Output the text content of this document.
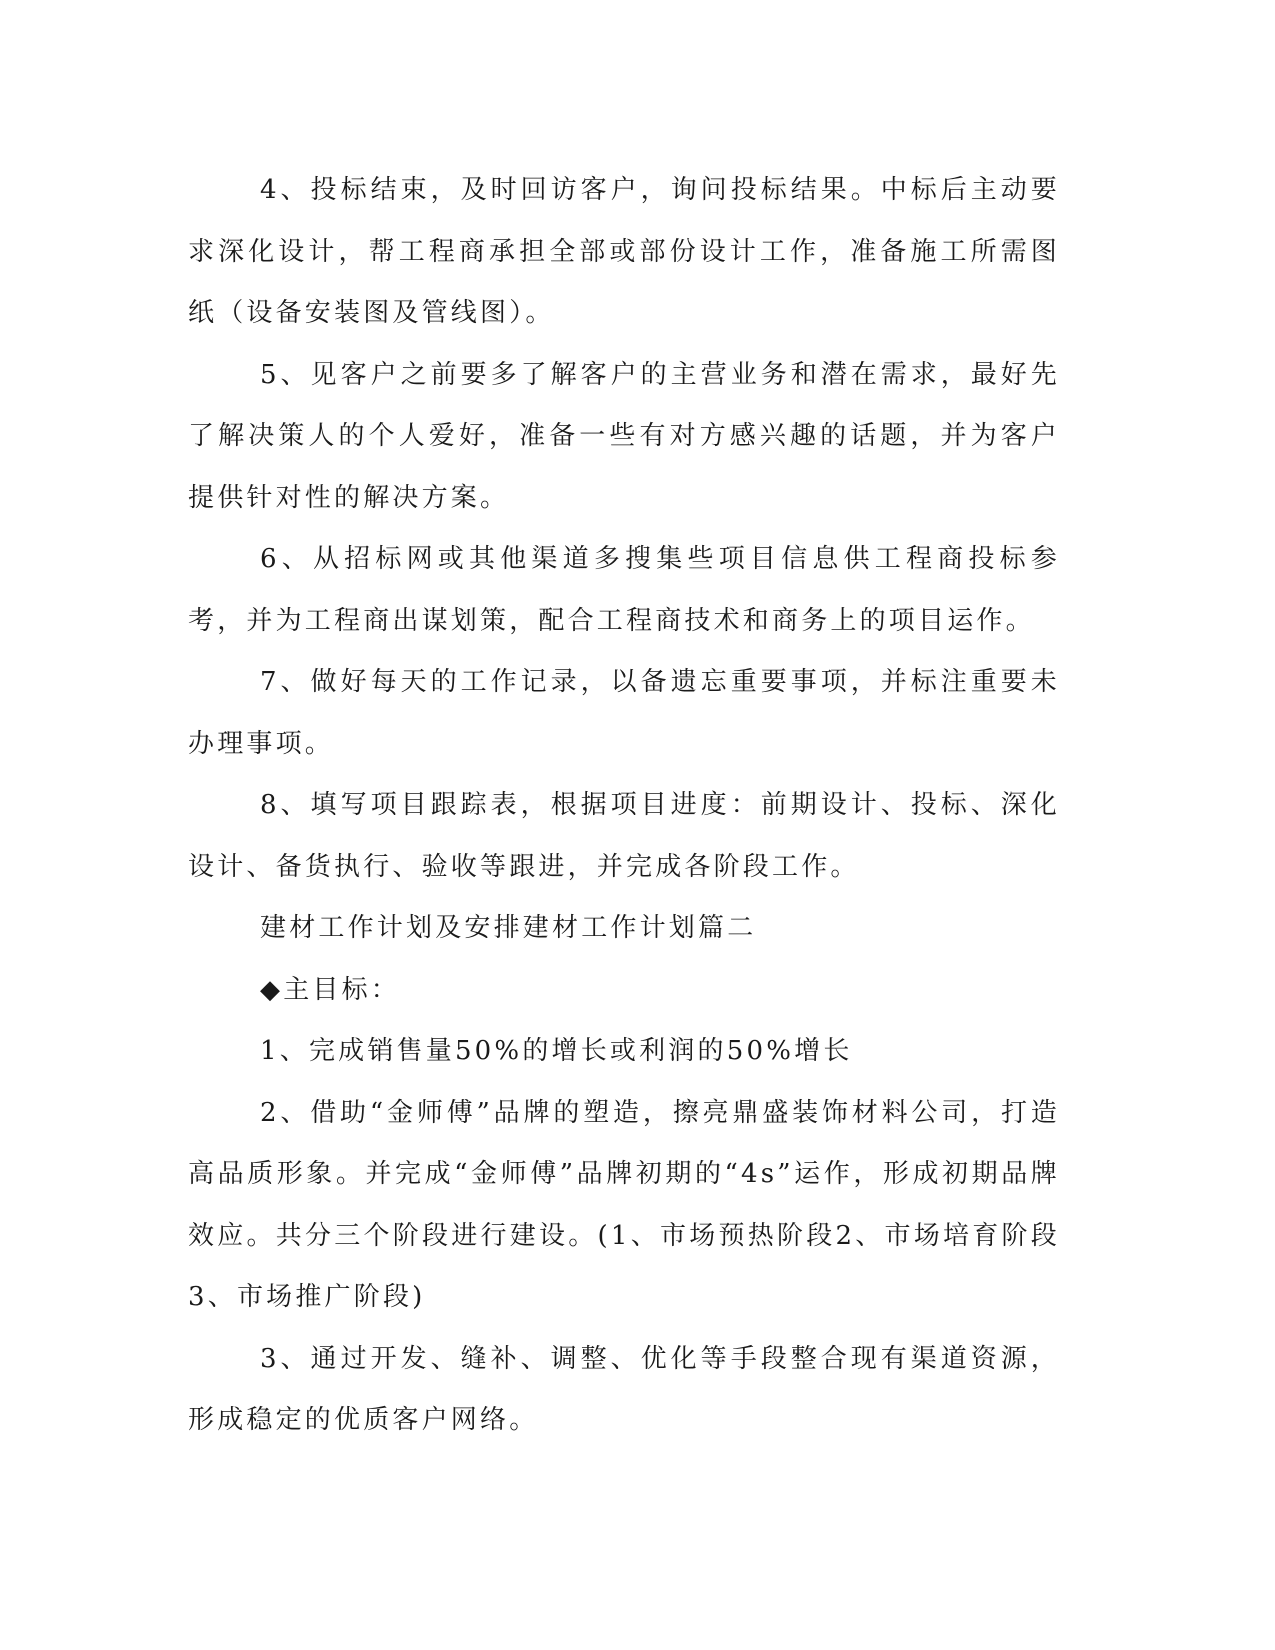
4、投标结束，及时回访客户，询问投标结果。中标后主动要求深化设计，帮工程商承担全部或部份设计工作，准备施工所需图纸（设备安装图及管线图）。

5、见客户之前要多了解客户的主营业务和潜在需求，最好先了解决策人的个人爱好，准备一些有对方感兴趣的话题，并为客户提供针对性的解决方案。

6、从招标网或其他渠道多搜集些项目信息供工程商投标参考，并为工程商出谋划策，配合工程商技术和商务上的项目运作。

7、做好每天的工作记录，以备遗忘重要事项，并标注重要未办理事项。

8、填写项目跟踪表，根据项目进度：前期设计、投标、深化设计、备货执行、验收等跟进，并完成各阶段工作。

建材工作计划及安排建材工作计划篇二

◆主目标：

1、完成销售量50%的增长或利润的50%增长

2、借助“金师傅”品牌的塑造，擦亮鼎盛装饰材料公司，打造高品质形象。并完成“金师傅”品牌初期的“4s”运作，形成初期品牌效应。共分三个阶段进行建设。(1、市场预热阶段2、市场培育阶段3、市场推广阶段)

3、通过开发、缝补、调整、优化等手段整合现有渠道资源，形成稳定的优质客户网络。
